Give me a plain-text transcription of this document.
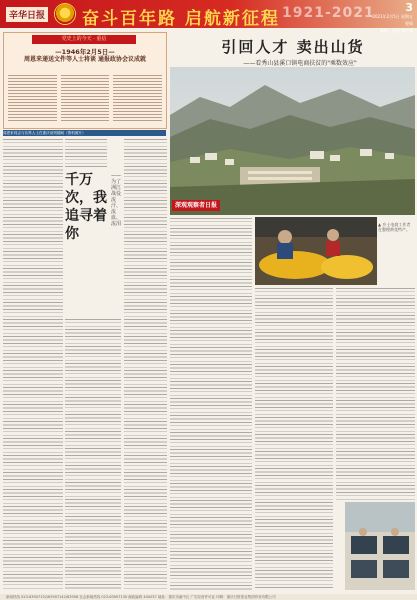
辛华日报 奋斗百年路 启航新征程 1921-2021	3
2021年2月5日 星期五
要闻
编辑：杨晋 李宇强
党史上的今天 · 重信
—1946年2月5日—
周恩来递送文件等人士将谈 通报政协会议成就
周恩来同志与各界人士在重庆谈判期间（资料照片）
千万次，我追寻着你
——为了洲江战役流汗、流血、流泪
引回人才 卖出山货
——看秀山县溪口镇电商扶贫的"乘数效应"
深观观察者日报
▲ 乡土电商工作者在整理黄花特产。
新闻热线 023-63907132/63907142/63908 社会新闻热线 023-63907130 邮政编码 400037 地址：重庆市渝中区 广告经营许可证 印刷：重庆日报报业集团印务有限公司
